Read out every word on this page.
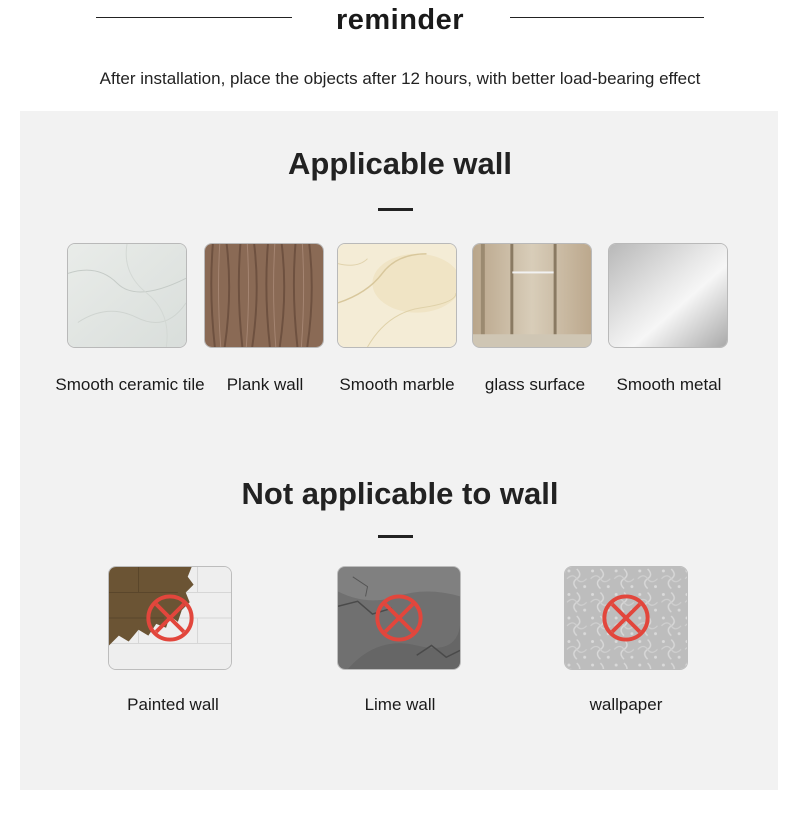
reminder
After installation, place the objects after 12 hours, with better load-bearing effect
Applicable wall
Smooth ceramic tile	Plank wall	Smooth marble	glass surface	Smooth metal
Not applicable to wall
Painted wall	Lime wall	wallpaper
